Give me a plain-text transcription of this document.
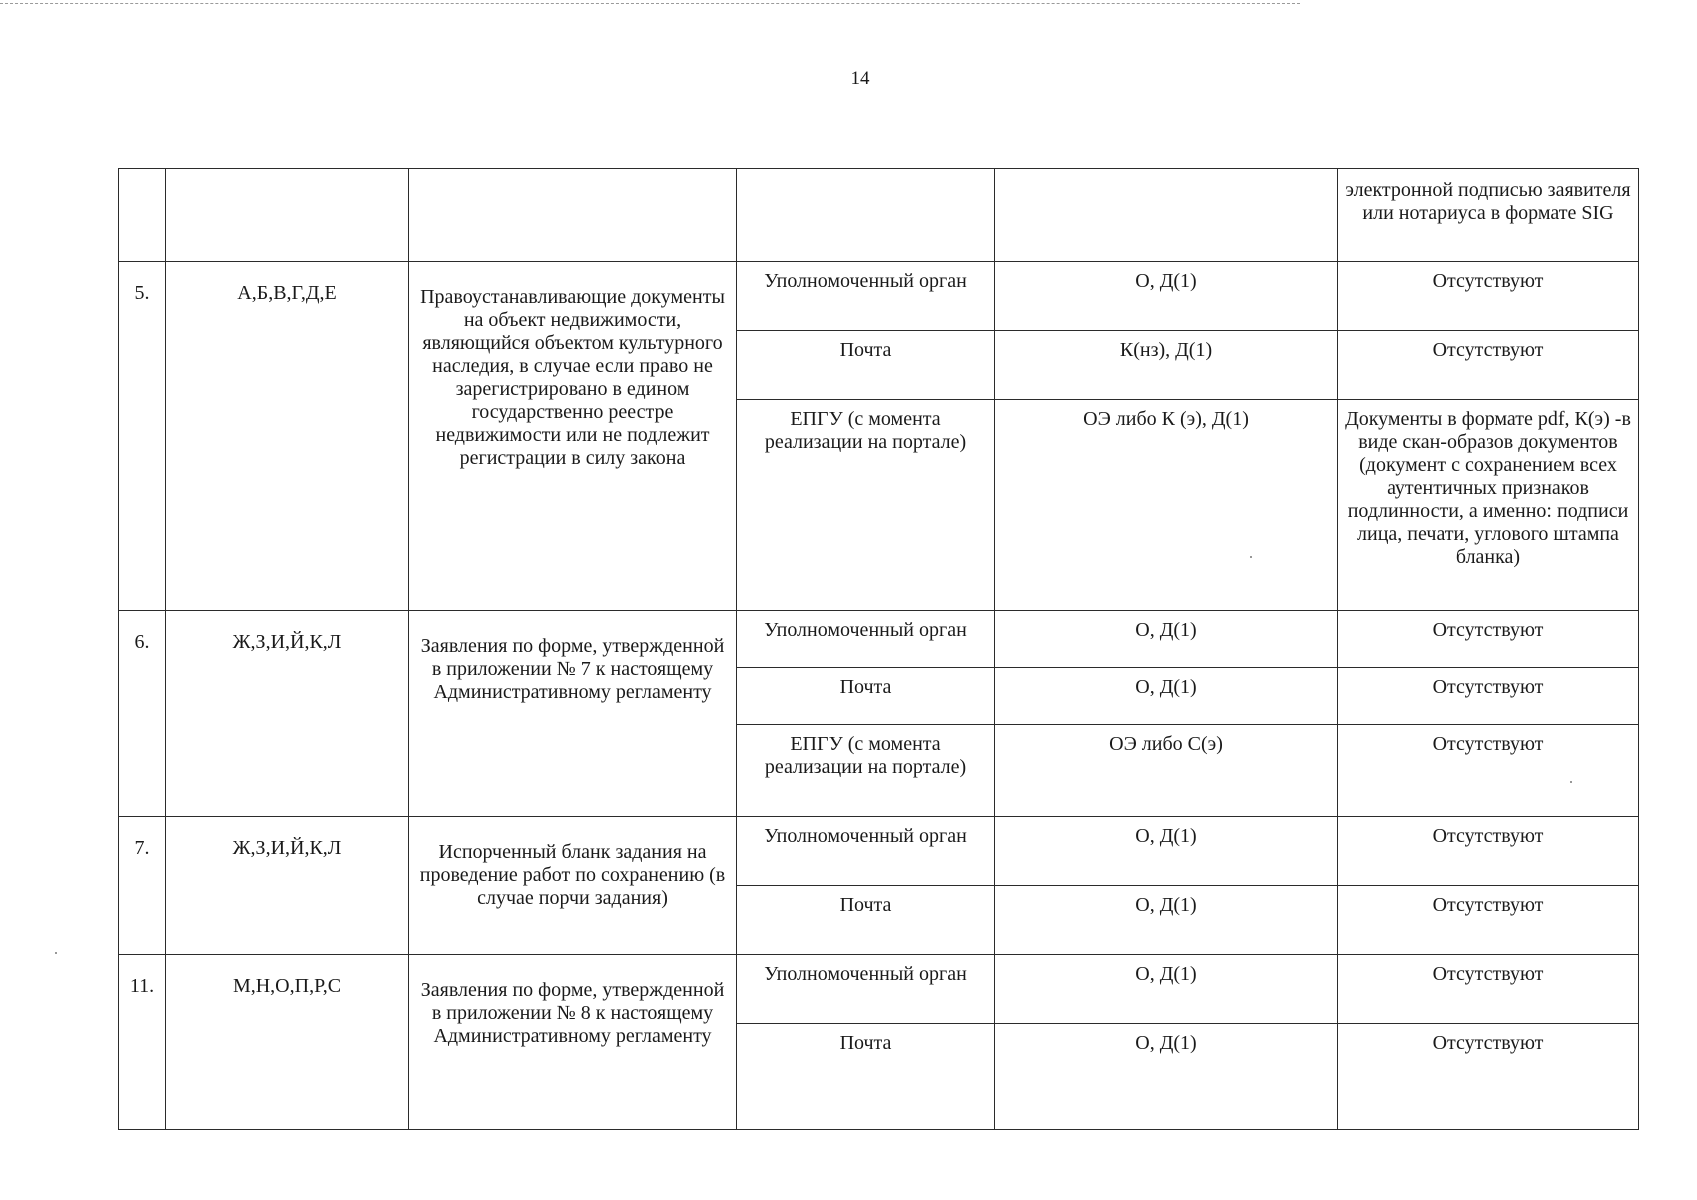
14
					электронной подписью заявителя или нотариуса в формате SIG
5.	А,Б,В,Г,Д,Е	Правоустанавливающие документы на объект недвижимости, являющийся объектом культурного наследия, в случае если право не зарегистрировано в едином государственно реестре недвижимости или не подлежит регистрации в силу закона	Уполномоченный орган	О, Д(1)	Отсутствуют
			Почта	К(нз), Д(1)	Отсутствуют
			ЕПГУ (с момента реализации на портале)	ОЭ либо К (э), Д(1)	Документы в формате pdf, К(э) -в виде скан-образов документов (документ с сохранением всех аутентичных признаков подлинности, а именно: подписи лица, печати, углового штампа бланка)
6.	Ж,З,И,Й,К,Л	Заявления по форме, утвержденной в приложении № 7 к настоящему Административному регламенту	Уполномоченный орган	О, Д(1)	Отсутствуют
			Почта	О, Д(1)	Отсутствуют
			ЕПГУ (с момента реализации на портале)	ОЭ либо С(э)	Отсутствуют
7.	Ж,З,И,Й,К,Л	Испорченный бланк задания на проведение работ по сохранению (в случае порчи задания)	Уполномоченный орган	О, Д(1)	Отсутствуют
			Почта	О, Д(1)	Отсутствуют
11.	М,Н,О,П,Р,С	Заявления по форме, утвержденной в приложении № 8 к настоящему Административному регламенту	Уполномоченный орган	О, Д(1)	Отсутствуют
			Почта	О, Д(1)	Отсутствуют
